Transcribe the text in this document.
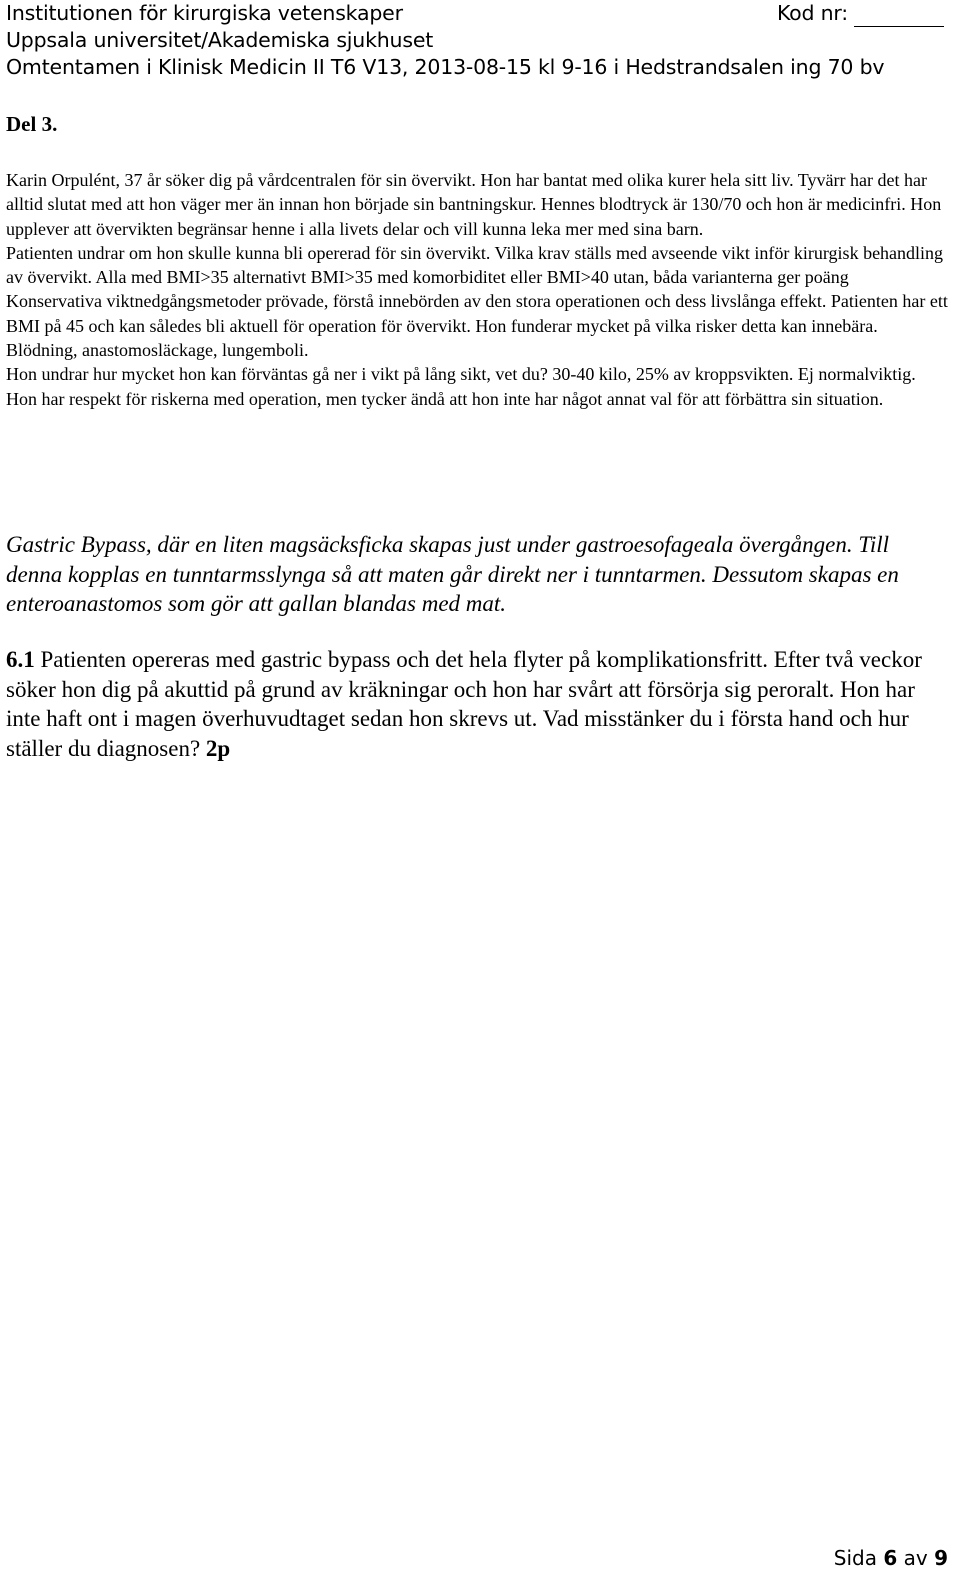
Institutionen för kirurgiska vetenskaper	Kod nr:
Uppsala universitet/Akademiska sjukhuset
Omtentamen i Klinisk Medicin II T6 V13, 2013-08-15 kl 9-16 i Hedstrandsalen ing 70 bv
Del 3.

Karin Orpulént, 37 år söker dig på vårdcentralen för sin övervikt. Hon har bantat med olika kurer hela sitt liv. Tyvärr har det har alltid slutat med att hon väger mer än innan hon började sin bantningskur. Hennes blodtryck är 130/70 och hon är medicinfri. Hon upplever att övervikten begränsar henne i alla livets delar och vill kunna leka mer med sina barn.

Patienten undrar om hon skulle kunna bli opererad för sin övervikt. Vilka krav ställs med avseende vikt inför kirurgisk behandling av övervikt. Alla med BMI>35 alternativt BMI>35 med komorbiditet eller BMI>40 utan, båda varianterna ger poäng

Konservativa viktnedgångsmetoder prövade, förstå innebörden av den stora operationen och dess livslånga effekt. Patienten har ett BMI på 45 och kan således bli aktuell för operation för övervikt. Hon funderar mycket på vilka risker detta kan innebära.

Blödning, anastomosläckage, lungemboli.

Hon undrar hur mycket hon kan förväntas gå ner i vikt på lång sikt, vet du? 30-40 kilo, 25% av kroppsvikten. Ej normalviktig. Hon har respekt för riskerna med operation, men tycker ändå att hon inte har något annat val för att förbättra sin situation.

Gastric Bypass, där en liten magsäcksficka skapas just under gastroesofageala övergången. Till denna kopplas en tunntarmsslynga så att maten går direkt ner i tunntarmen. Dessutom skapas en enteroanastomos som gör att gallan blandas med mat.

6.1 Patienten opereras med gastric bypass och det hela flyter på komplikationsfritt. Efter två veckor söker hon dig på akuttid på grund av kräkningar och hon har svårt att försörja sig peroralt. Hon har inte haft ont i magen överhuvudtaget sedan hon skrevs ut. Vad misstänker du i första hand och hur ställer du diagnosen? 2p

Sida 6 av 9
